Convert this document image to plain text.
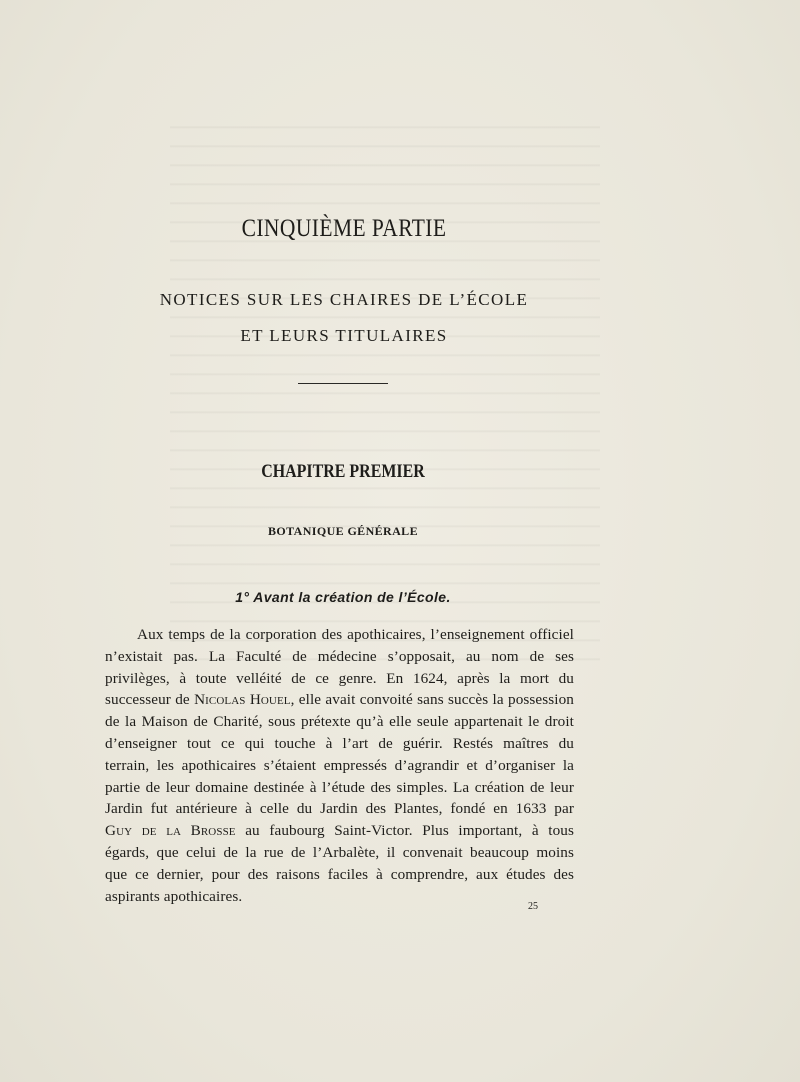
CINQUIÈME PARTIE
NOTICES SUR LES CHAIRES DE L’ÉCOLE
ET LEURS TITULAIRES
CHAPITRE PREMIER
BOTANIQUE GÉNÉRALE
1° Avant la création de l’École.
Aux temps de la corporation des apothicaires, l’enseignement officiel
n’existait pas. La Faculté de médecine s’opposait, au nom de ses
privilèges, à toute velléité de ce genre. En 1624, après la mort du
successeur de Nicolas Houel, elle avait convoité sans succès la possession
de la Maison de Charité, sous prétexte qu’à elle seule appartenait le droit
d’enseigner tout ce qui touche à l’art de guérir. Restés maîtres du
terrain, les apothicaires s’étaient empressés d’agrandir et d’organiser la
partie de leur domaine destinée à l’étude des simples. La création de leur
Jardin fut antérieure à celle du Jardin des Plantes, fondé en 1633 par
Guy de la Brosse au faubourg Saint-Victor. Plus important, à tous
égards, que celui de la rue de l’Arbalète, il convenait beaucoup moins
que ce dernier, pour des raisons faciles à comprendre, aux études des
aspirants apothicaires.
25
